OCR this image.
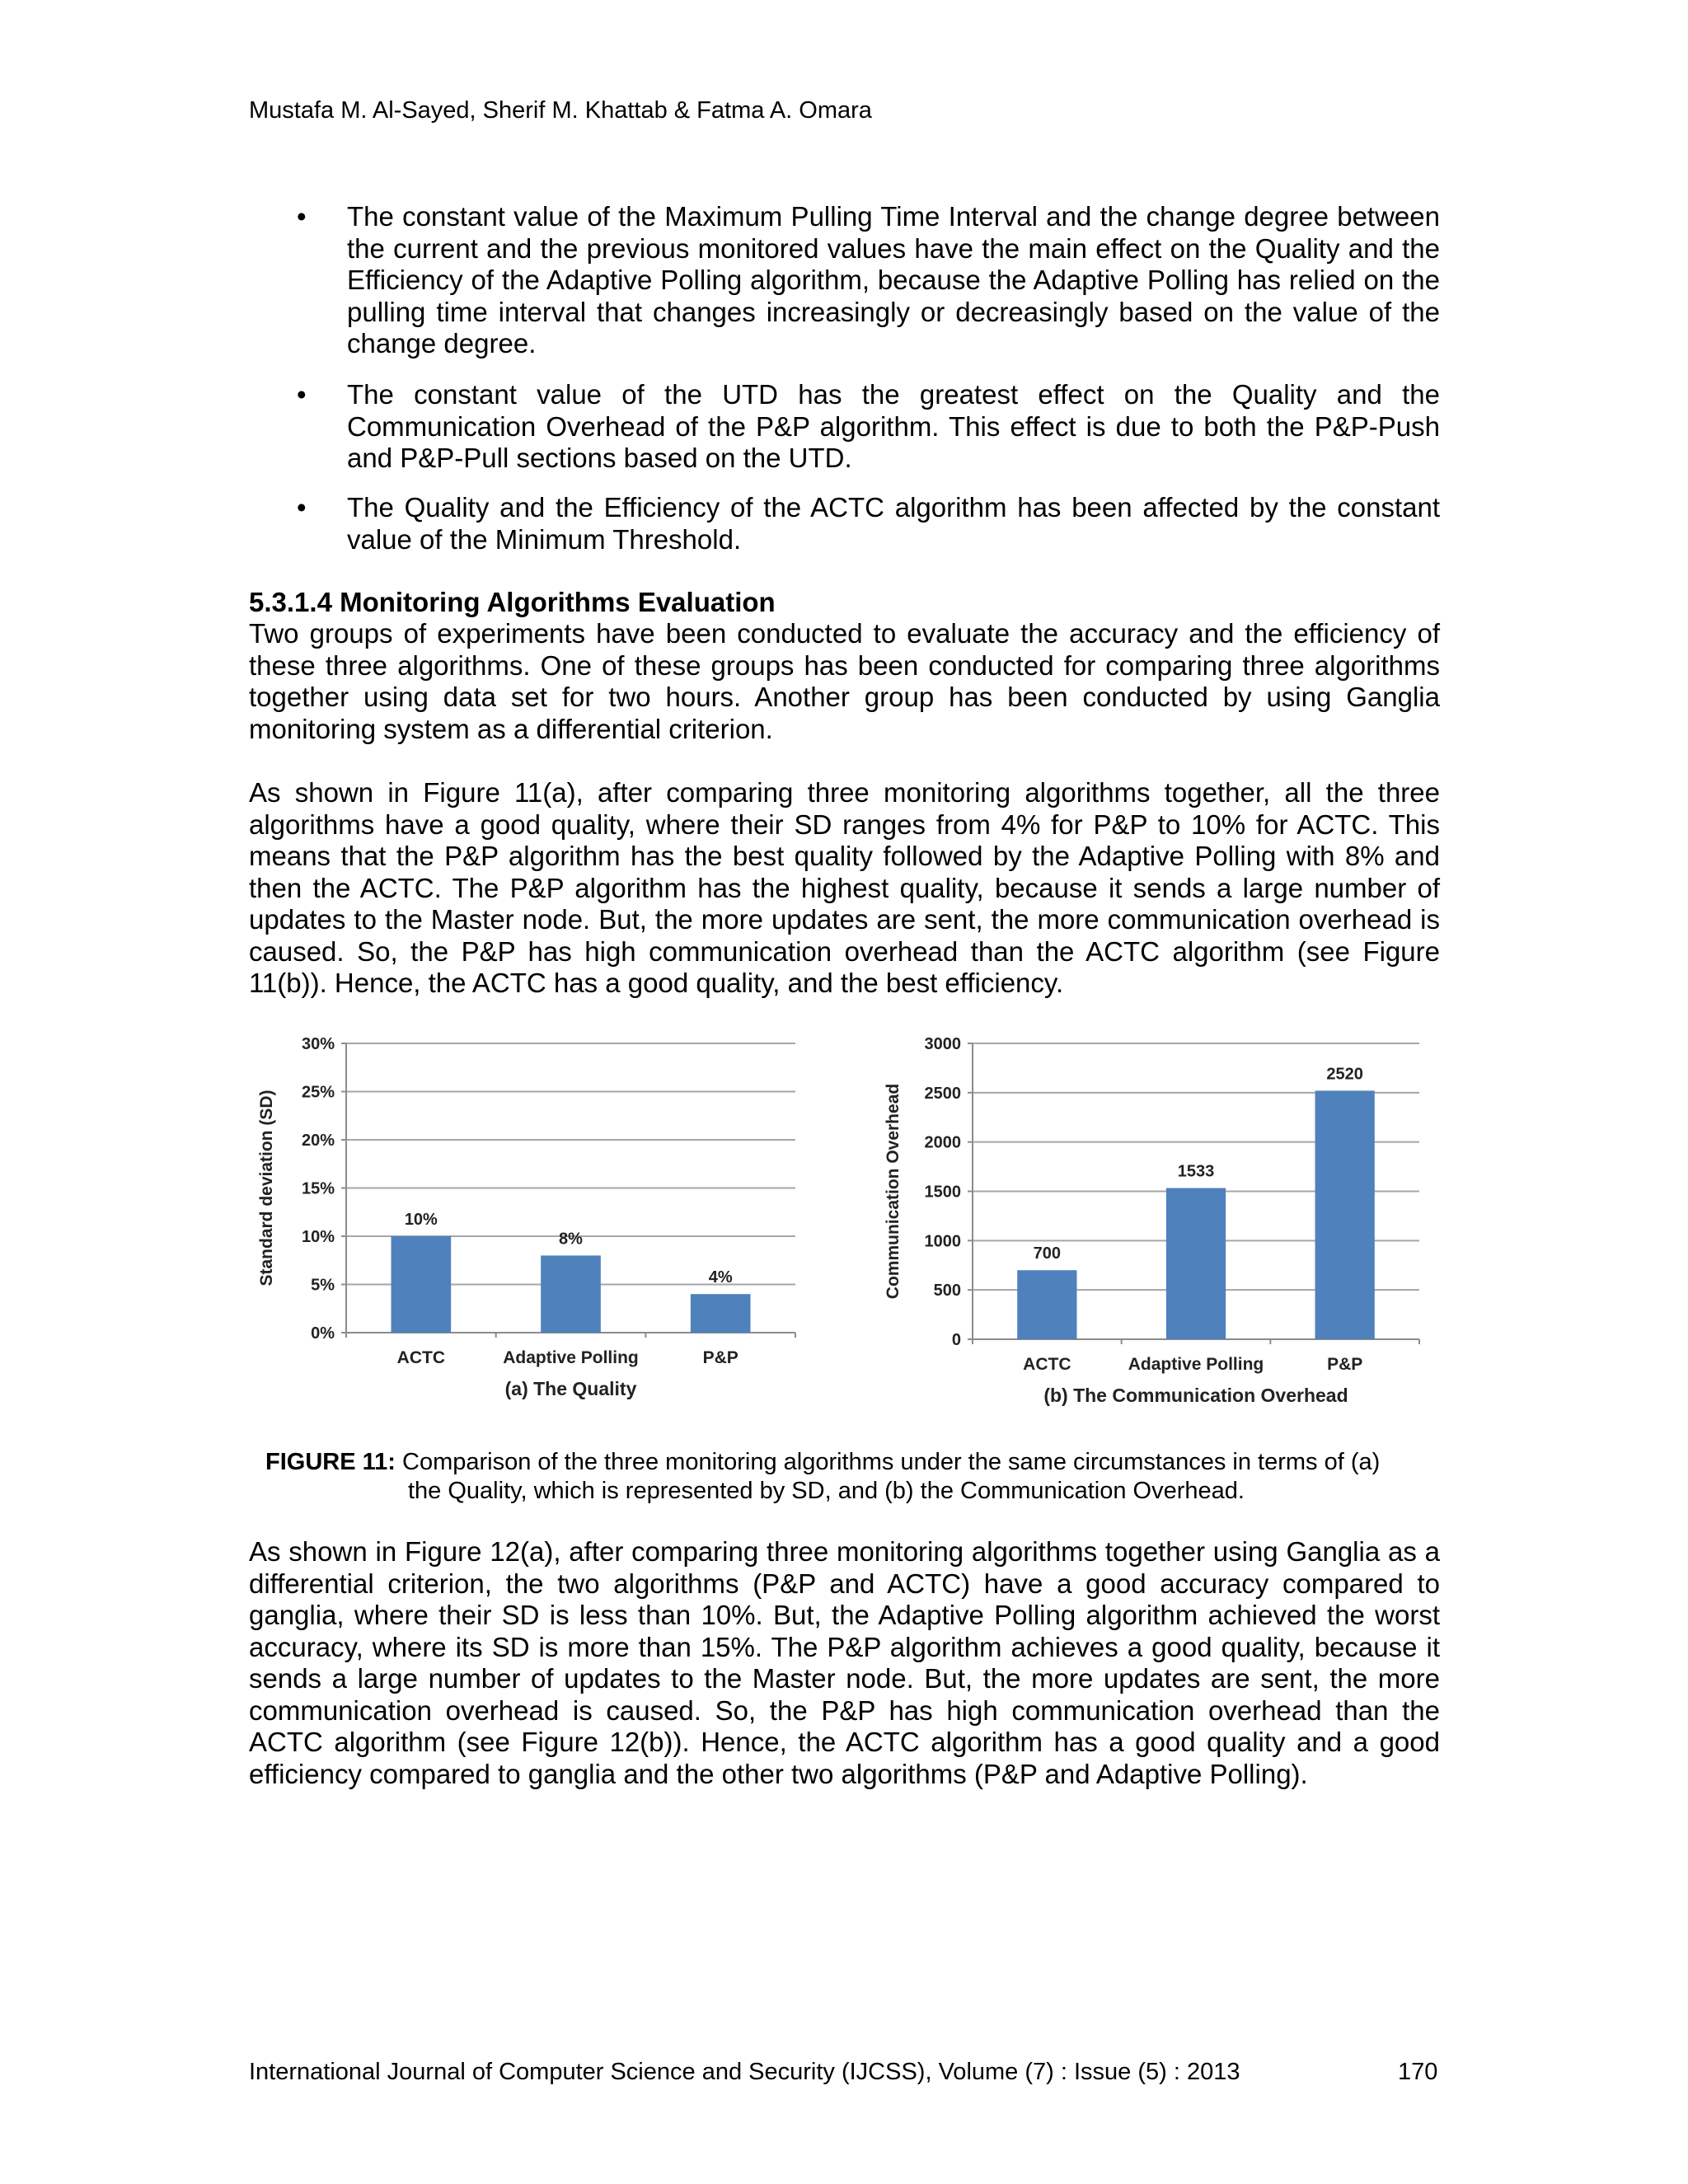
Mustafa M. Al-Sayed, Sherif M. Khattab & Fatma A. Omara
• The constant value of the Maximum Pulling Time Interval and the change degree between the current and the previous monitored values have the main effect on the Quality and the Efficiency of the Adaptive Polling algorithm, because the Adaptive Polling has relied on the pulling time interval that changes increasingly or decreasingly based on the value of the change degree.

• The constant value of the UTD has the greatest effect on the Quality and the Communication Overhead of the P&P algorithm. This effect is due to both the P&P-Push and P&P-Pull sections based on the UTD.

• The Quality and the Efficiency of the ACTC algorithm has been affected by the constant value of the Minimum Threshold.

5.3.1.4 Monitoring Algorithms Evaluation

Two groups of experiments have been conducted to evaluate the accuracy and the efficiency of these three algorithms. One of these groups has been conducted for comparing three algorithms together using data set for two hours. Another group has been conducted by using Ganglia monitoring system as a differential criterion.

As shown in Figure 11(a), after comparing three monitoring algorithms together, all the three algorithms have a good quality, where their SD ranges from 4% for P&P to 10% for ACTC. This means that the P&P algorithm has the best quality followed by the Adaptive Polling with 8% and then the ACTC. The P&P algorithm has the highest quality, because it sends a large number of updates to the Master node. But, the more updates are sent, the more communication overhead is caused. So, the P&P has high communication overhead than the ACTC algorithm (see Figure 11(b)). Hence, the ACTC has a good quality, and the best efficiency.

0%
5%
10%
15%
20%
25%
30%
10%
ACTC
8%
Adaptive Polling
4%
P&P
(a) The Quality
Standard deviation (SD)
0
500
1000
1500
2000
2500
3000
700
ACTC
1533
Adaptive Polling
2520
P&P
(b) The Communication Overhead
Communication Overhead
FIGURE 11: Comparison of the three monitoring algorithms under the same circumstances in terms of (a)
the Quality, which is represented by SD, and (b) the Communication Overhead.

As shown in Figure 12(a), after comparing three monitoring algorithms together using Ganglia as a differential criterion, the two algorithms (P&P and ACTC) have a good accuracy compared to ganglia, where their SD is less than 10%. But, the Adaptive Polling algorithm achieved the worst accuracy, where its SD is more than 15%. The P&P algorithm achieves a good quality, because it sends a large number of updates to the Master node. But, the more updates are sent, the more communication overhead is caused. So, the P&P has high communication overhead than the ACTC algorithm (see Figure 12(b)). Hence, the ACTC algorithm has a good quality and a good efficiency compared to ganglia and the other two algorithms (P&P and Adaptive Polling).

International Journal of Computer Science and Security (IJCSS), Volume (7) : Issue (5) : 2013	170
